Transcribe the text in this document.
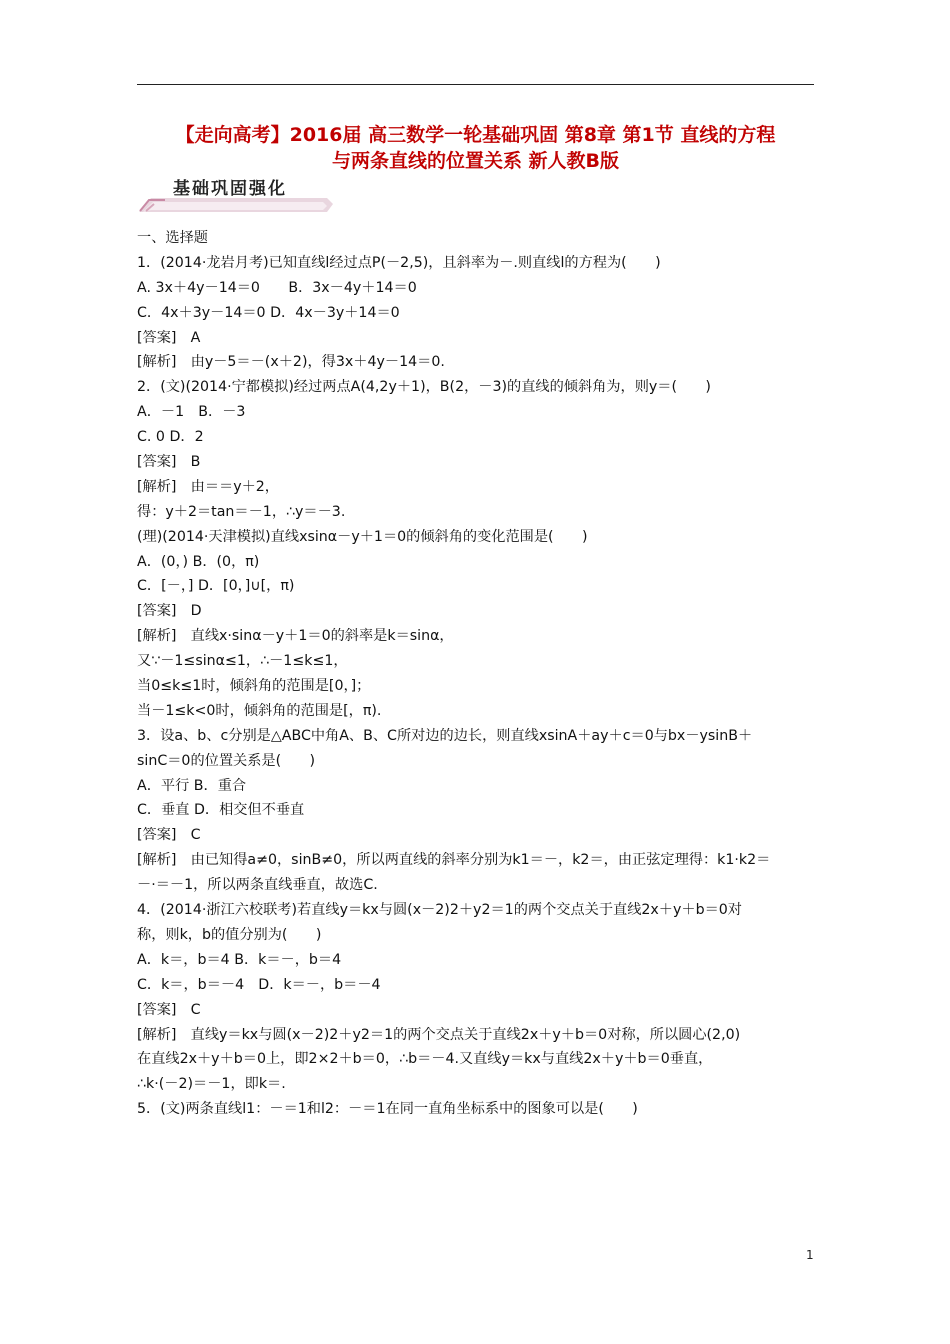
【走向高考】2016届 高三数学一轮基础巩固 第8章 第1节 直线的方程
与两条直线的位置关系 新人教B版
基础巩固强化
一、选择题
1．(2014·龙岩月考)已知直线l经过点P(－2,5)，且斜率为－.则直线l的方程为(　　)
A. 3x＋4y－14＝0　　B．3x－4y＋14＝0
C．4x＋3y－14＝0 D．4x－3y＋14＝0
[答案]　A
[解析]　由y－5＝－(x＋2)，得3x＋4y－14＝0.
2．(文)(2014·宁都模拟)经过两点A(4,2y＋1)，B(2，－3)的直线的倾斜角为，则y＝(　　)
A．－1　B．－3
C. 0 D．2
[答案]　B
[解析]　由＝＝y＋2，
得：y＋2＝tan＝－1，∴y＝－3.
(理)(2014·天津模拟)直线xsinα－y＋1＝0的倾斜角的变化范围是(　　)
A．(0，) B．(0，π)
C．[－，] D．[0，]∪[，π)
[答案]　D
[解析]　直线x·sinα－y＋1＝0的斜率是k＝sinα，
又∵－1≤sinα≤1，∴－1≤k≤1，
当0≤k≤1时，倾斜角的范围是[0，]；
当－1≤k<0时，倾斜角的范围是[，π).
3．设a、b、c分别是△ABC中角A、B、C所对边的边长，则直线xsinA＋ay＋c＝0与bx－ysinB＋
sinC＝0的位置关系是(　　)
A．平行 B．重合
C．垂直 D．相交但不垂直
[答案]　C
[解析]　由已知得a≠0，sinB≠0，所以两直线的斜率分别为k1＝－，k2＝，由正弦定理得：k1·k2＝
－·＝－1，所以两条直线垂直，故选C.
4．(2014·浙江六校联考)若直线y＝kx与圆(x－2)2＋y2＝1的两个交点关于直线2x＋y＋b＝0对
称，则k，b的值分别为(　　)
A．k＝，b＝4 B．k＝－，b＝4
C．k＝，b＝－4　D．k＝－，b＝－4
[答案]　C
[解析]　直线y＝kx与圆(x－2)2＋y2＝1的两个交点关于直线2x＋y＋b＝0对称，所以圆心(2,0)
在直线2x＋y＋b＝0上，即2×2＋b＝0，∴b＝－4.又直线y＝kx与直线2x＋y＋b＝0垂直，
∴k·(－2)＝－1，即k＝.
5．(文)两条直线l1：－＝1和l2：－＝1在同一直角坐标系中的图象可以是(　　)
1
